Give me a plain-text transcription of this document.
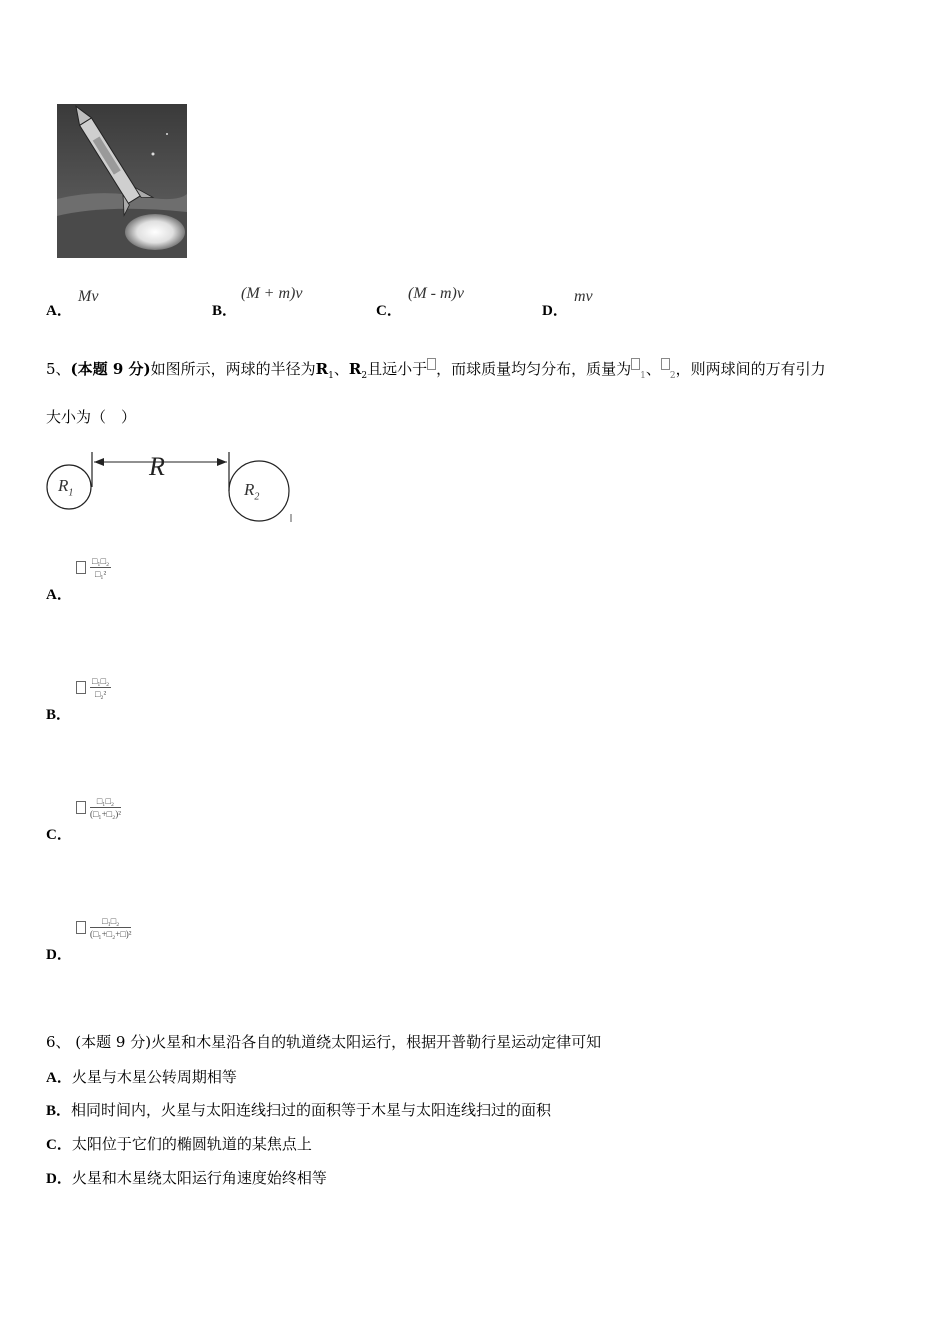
A．
Mv
B．
(M + m)v
C．
(M - m)v
D．
mv
5、(本题 9 分)如图所示，两球的半径为$R_1$、$R_2$且远小于 ，而球质量均匀分布，质量为 $_1$、 $_2$，则两球间的万有引力
大小为（　）
$R_1$
R
$R_2$
A．
$\frac{\text{□₁□₂}}{\text{□₁²}}$
B．
$\frac{\text{□₁□₂}}{\text{□₂²}}$
C．
$\frac{\text{□₁□₂}}{\text{(□₁+□₂)²}}$
D．
$\frac{\text{□₁□₂}}{\text{(□₁+□₂+□)²}}$
6、 (本题 9 分)火星和木星沿各自的轨道绕太阳运行，根据开普勒行星运动定律可知
A．火星与木星公转周期相等
B．相同时间内，火星与太阳连线扫过的面积等于木星与太阳连线扫过的面积
C．太阳位于它们的椭圆轨道的某焦点上
D．火星和木星绕太阳运行角速度始终相等
